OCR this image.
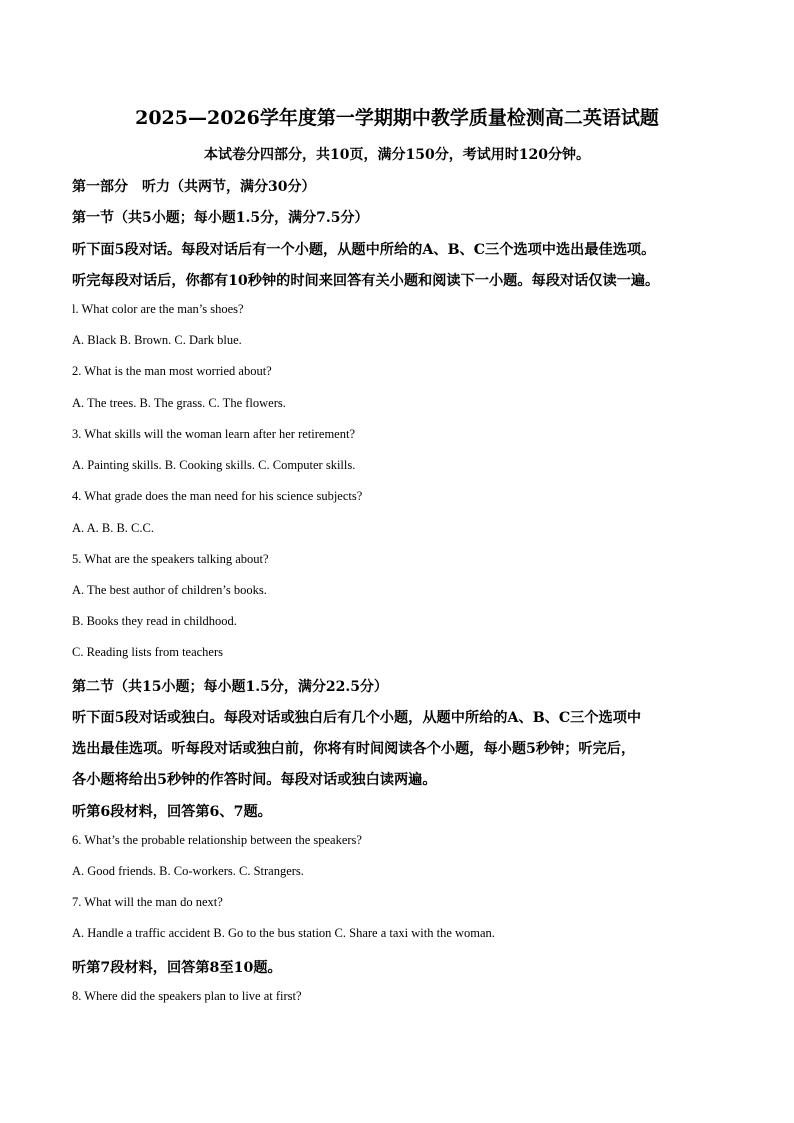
2025—2026学年度第一学期期中教学质量检测高二英语试题
本试卷分四部分，共10页，满分150分，考试用时120分钟。
第一部分　听力（共两节，满分30分）
第一节（共5小题；每小题1.5分，满分7.5分）
听下面5段对话。每段对话后有一个小题，从题中所给的A、B、C三个选项中选出最佳选项。
听完每段对话后，你都有10秒钟的时间来回答有关小题和阅读下一小题。每段对话仅读一遍。
l. What color are the man’s shoes?
A. Black B. Brown. C. Dark blue.
2. What is the man most worried about?
A. The trees. B. The grass. C. The flowers.
3. What skills will the woman learn after her retirement?
A. Painting skills. B. Cooking skills. C. Computer skills.
4. What grade does the man need for his science subjects?
A. A. B. B. C.C.
5. What are the speakers talking about?
A. The best author of children’s books.
B. Books they read in childhood.
C. Reading lists from teachers
第二节（共15小题；每小题1.5分，满分22.5分）
听下面5段对话或独白。每段对话或独白后有几个小题，从题中所给的A、B、C三个选项中
选出最佳选项。听每段对话或独白前，你将有时间阅读各个小题，每小题5秒钟；听完后，
各小题将给出5秒钟的作答时间。每段对话或独白读两遍。
听第6段材料，回答第6、7题。
6. What’s the probable relationship between the speakers?
A. Good friends. B. Co-workers. C. Strangers.
7. What will the man do next?
A. Handle a traffic accident B. Go to the bus station C. Share a taxi with the woman.
听第7段材料，回答第8至10题。
8. Where did the speakers plan to live at first?
